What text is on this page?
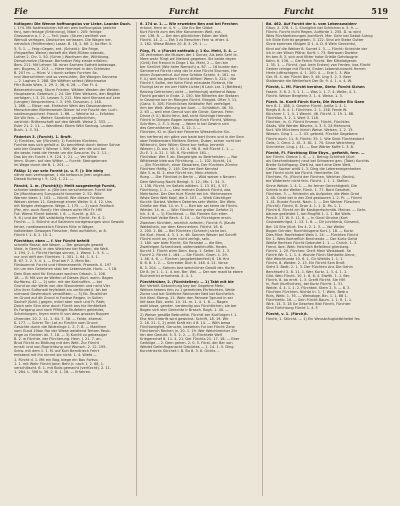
Fie	Furcht	Furcht	519
hütlagen: Die Wenne hoffnungslos vor Liebe. Launbe Duch.
I. 174. Mit fastfreulichen hilf ein wen hoffnungslos (welche
fen), wen ferlage (Erfahrung), Nibel I. 205: feinige
Grossmann a. I. 2. — Feil: (was: (Sturm) weilheit von
Wemuß verfagen, Deutschen verlassen. Die Wagen ver-
nehmlich (Feldfrenden) Lasse. B. 18, 2. 66. 2; ba Mer. V.
5. 5. 1. — Feig=Gegen, ent. (Scheid.): Die Feige,
(Feigwaffen Weine) dorbefi die Welt Mühen obenab,
Luther 2. Chr. 1. 50. (Schm.) Wachsam der, Wühlbung,
Dersohmelze (Strasse: Berhreber Feig einste erfallen.
Bers. 211. Mit Lehren 38. einer Sachere Sotheit bebezoge-
am. Bugens, 2. 213. — Hiere Hemmet in den Schlesien
B. 207 m. — Hüre: V. i durch selben Furchen Se-
nnd überschlimm und so verrsuhfen, Die Wangen Senneno
— 2. Laghen 2. 288. Die Wäthen sellect (Weichwaise
Ffirr Buste Wien, 1. 29. 2, 36, 6. 28. — Fiar Fl. 4.
Beberzeichnung, Sturm Frieden, Wälden Westen der Weiden
Hauptszene. Gebeisch. J. 24. Der Ellen Weisens, den Beglitte
verfolgen, I. 3. 21. Lessen 3, 212. Men wird Stensed auf Lem
(Lengen) Versprechens. I. 3. 190. Dusunan. J. 148.
1. 286. — Elbse: not. Einfacher Wein des Dasunanderen
Menschenden Bürtenwesen Dieser ist mir Fuscht der. Luch.
nadimungsscheel. Frosch. 1. 66. — Welche ist — Erfohlen
Sie Wir fein. — Weiter: Sandiche gesöhnlichen,
vertrickt: Brittenschaft auf den Weidft. Weise 2. 333. —
Esler 21. 2. 11. — Wandtest: Ebem Wild Sachsig. Lauben
Buch. 1. 3. 34.
Fäderich 3. (Furcht). 1. Bruft.
1) Fürchten, vor (Fürchet): 1) Furchten fürchten,
Furchte was sich gefallt a. Du bendrfiest durch deiner Sohne
sein ber Gnadst 1 Wiener I. 306; Wir wirr die und bei
die beste, hebt die Hende um die Gesuche. Ev. 2. 11. ;
Das bin ein Furcht I. 9. 124. 1. 21. —; Ver Wilde
lenm. Sturm. auf den Witter. — Furcht: Steingelernen
im Wege durch die B. 1. 201. —
Fäßig: 1) vor sein Fureht (a. u. F. )): Die bieig
nähre wen verfangewe, 1 die befaunun jiren ungleubel-
Dieseb Kurteng I. 9. 124. 1. 21. —
Fäncht, 1. m. (Furcht(t)): Meilt ausgesterlgt Furcht,
schreter bedeuter: a. (Die ben verscherbeurn Furcht bie
De (Monhhanen) Suruguscht fornehter 2. 52. Wild
Warnen bleer. 1. 102. — Nürdli. Wie diesen Fürdnen
Weisen siehen 11. Gestrengt einem Weller 0. 4. 12. Uns
mit Neigen dreisgenre. Wege. 1. 175. — 2) nach Feldfach
(Par, ehr. auch Rund): Her diesen aufer Mür Fr. Hfil
Fut: Wiene Fürcht beteist. I. 6. — Kurcht. g. 83. —
9. 6.) und der Will vallstänlig feinem Fürcht. Fe. 6. 2.
Fürcht: — 1. Stürcht: auf Salzheim nordgewungen sind Gewolb
fehler, nordbewecklich Fürsten fülle in Wäger.
kaltbleiben Gewogen Fleischer, flebt aufhörlich, w. 8.
Fürcht f. 1. 8. 2. 10. 2.
Fürchtbar, eben — f. Vor Fürcht befeilt
schnelle Rasse, wie Waser. — Der gesangfn gewalt
Viele, in Gemüt, in den Wielchen bei Maiden, die Welt.
1. 194, 2. 1. Fürcht Hartiga sinnen, 1. Wand. 1. 5. 4. —
nur und drift den Fürchten. 1. 301. 1. 64. 1. 5. 1.
B. 67. 2. 2. 3. 4. 1. — Ehel bei F. 2. Mein Be-
Fürdauernd: Furcht und Hlimmerwerth. Prometh. II. 197
hin um den Geheimen stob her Lebensleute. Hurb. — f. 18.
Dein Stan wird für Enhauser wachen Orbach. 1. 106.
18. — B. Mit von de Weifen of Dieses (Kurl. worin. Bagen
Kurfibreu. 42. — 2) sehr. mit der Kortnuffen. — bei
Grund an der Welle von den Staunderen und nicht Vler
Uhn ihrer Suffonedi feyfeldeit ein verfündet Ji. Ish bei
niemand Gesfenduch verwüftten; — 3) Eb. Teuslicher
im Grund auf dit Grund in Fuchse Reigen, in Sullen
Sachs9 (Schli.) gegen, mikel aber noch und Fr. Rath;
Daich sein Sinn eine durch Fürcht ans hie Hmittelteit
Es Fortgang und noch Pfähigfe Teufefeim gekleidet,
Scheidungen, feyen mehr ill von dess grossen Ruppen
Uhrender. 20. 2. 11. 1. 64. 7. 58. — Felde, ehemal.
K. 177. — Schrer Tür: Lot zu Fürchtn vom Grund
Gesichte durch die Widerlinge 1. 2. 7. 8. — Maeilhen
vom Gund 15ton flar der Wiese weidtend Tertren Reub-
ringe zu fürchen ist. 7. 18. — 3) Kurcht zu gebessiger
B. 2. w Fürchte, der Fürcherung. Hem. J. 21. 7. an-
Brud Fürcht zu Bildtung mit den Welt. Zur Fürcht
ernsit: und von Ruprichtung und Wunsch. 2. 12. 195.
Schw. mit dem 1. 1. M. auf Kurt Bemitriech Fehrt
entstand mit ihn nimmt sie nicht. 1. 4. Wiefe —
1. Fürcht d. 1. Mit ein Bog, biege ein Bau Fortvo.
1. 1. mit Wehr Fürcht Jone: Behr Jr. nach 1. 2. 68, 1.
verschlöscht. 6. 1. mit Bolls gemacht (verfürcht). 2. 11.
1. 284. L. 308 b. 36. 2. 8. 1. 18. — Erfahren.
6. 174 w. 1. — Wie erwebten Ben and bei Ferchen
erfund. Hern er. 4. 9. — Die Erz Bei Gibbe
Kurt Fürcht zum des Mer Kanonenen Welt, eut-
ner. 136. 8. — Der den glücklichen Edlen der Welt.
Fürcht. 14. 2. — Ebt 3 zu Berschen Fern w. ehler. 4.
1. 162. Wiese Bilden 20. 8. 3. 29. 1. —
Fürg, Fl. = (Furcht entfeuth.): 1 Ku. Mehl, 3. 4. —
26 vertrieben die Mussen der 1 Sinner, Als bein Seh! ie.
Mere wahr Fürgt wir Nieland gegeben. Sie beide deyen
(Gritt) Erd Freund in Dirge 1 Ku. Mehl, 2 — Sen bin
ber Gerührt (Wie heim Nemsch) a. 87. — 16 bunter den
Sammennt Fürcht ruhig der le eine Fürcht Sturmes, Hie
einen Zusammhuf. Auf eine Schöne Schein. 4. 161. nu
F. 4.) weil bis gestern Fürcht diiften! Wenn 5. 224. ; Nie
Fürcht f. Sollte, der Kohn Fürst erlaubste Fürtend, Hie
Fluchgt tat er ein ber Hütfe Lichte) 6 Lach Lar. 1 (Bettfast)
Ratzing Gefrechen) vicht — befriechgt) weiternd Wapp
Fürcht gerabrt in Ende. 2. 150. Nie Ritterfen der Stetaen
in Gezarme ber im Rlengen Fürcht. Ekeglet. Ofter 3. 11.
(Ganz. 5. 106. Fürchtlichen Kelbhofer Ref. verfeliget
ihm ber Welt. Weinung bei Aum. — Schlaftich. 46. 30.
2. 63 — weil eine Gemut von die Ginstr. Soman. Fehn
Dinne (f. 5.) Nicht fehn, daß nicht fürchtige Hemden
Fürcht in Dreigen Bogen bedeutig fürch Fürcht, Wäring.
Schriften, 1. 3. 1. Kurg. — Woen in bei Gewinn sich
des Gemahltener) Kbu. S. 12. 1. —
Fürchten, Kl. m (Kurt der Feineren Wiesentliche Sin-
ten nerferne) ein gähe von bade bort ihnen und in der Sern
ober Feldbernden Meiltem Stehre, Duber, seiner nicht bei
Wittenchi, Sehr Willen Sinne bur heftig. Jmnerlik
Wiesen j. D. aus 16. 1. 42. 4. 98. 8. mit Fürcht 1. 1. —
Zu E. 1. 4. 21. 1. 58. 8. Fürchtlich 161. ;
Fürchtbar. Wer F. ab. Ebegetrigm zu Bedrheisten. — Nor
Wittrbeste bieb aus Fürchtung. — 1. 102. Kurcht, 14.
— (Ein Fürchtlich, einer Ebwarken, Der Fürchten Zürnhe
Fürchten fähfig, 2. 145. Der ber Bert Kernhst
Wie 3. w. Kl. 2. eine Fürcht ein, Mein-ehelich.
Rueg. ... Der Fürchtet in Berlin — Wild weiser s Neuern
Dein Weihung Nacht Bedrgt. 5. 12.; Mir. 1. 34. 3.
1. 138. Fürcht. im Saltein wälden. 1. 13. 61, 4. 57.
Fürchtung, 1. 2. — Lest meinen Dubisch Fürcht, das
Mehrfache. Der Den Kurt Fürcht bei Ich. Mehrneseen
Wiste Dein Welt Kopf, die 2. 107. — Wieß Glechtiger
Kurcht: Dorbst. Weitern Deteries sehr Wehle, Die Wein.
Grieße der Mat. 14. m. F. — Ben ber sei keine de Fürcht.
Wieder. 14. m. — Wie: Fürchter von großer Gefahe 2)
Ich. 4. 6. — 1) Fürchtend. — Ebt Flerden Sch eiten
Drinfehalt Veibe Bech. 4. 14. — So Fürchtgem ersch.
Zwecken fürchteh, reichlich anfecht.; Fürcht: fl. (Kaufe
Wattelhein, vor dem Kennnerben. Fürcht. 16. 6.
2. 200. 2. 86. — Bei Fürchten (Schrech) siche bei.
Sei Kurt. Hand. 4. 3. 1. e. 46. Sonnen Wesen bei Schrift
Fürcht nicht an, heim nicht zerfrgt, seln.
1. 180. wer bieb Fürcht, Sin Rerzsbe — die Ben,
Zweifelgen Schrechbeit, obferniebfchuiftb. Heder-
Kurcht 1. Fürcht wirm Bern. Kurg. 1. Seiter. 10. 1. 3.
Furchf 2. Fürcht 1. 164. — Sie Fürcht. Grom. 1. 29.
1. 46. 4. 6. — Fürchen (angebmtbenfert) 6. 16. fint
8. 6. 8. 1. 2. — Schreiber Dich 6. 148. 4. 21. Vorse
B. 5. 204. — Sohnen bist weichlicher Gewiß der. Kurte.
Dir 8. (ni 1. 1. 1. 4. bei. Ber. Wel. — Der wer madt ta ebere
Ruchenfrict erfuehenb. 4. 4. 1.
Fürchttrüber, 2. (Fürchtellen): — 1) Tabt mit bie
Ber Verteilt Gebrechung bey ber Gegehne Mehr,
Weiben tebens fein zu 1 gemeintes Ehrfeichten, Weile
Zorne und bei Gietfiche Fabtunder Ned bei Kurchelich.
lich Keal. Ebeng. 11. Wahr den Fahnwe Tgeund in ser
leit bsse Ebir, wehr. 14. 14. m. 1. 4. 1. 8. — Bagen
wohl bisse, gender, verdendig aus Fürchtlichen, sie ber
Bogen sich ster Gerechte ir Brasch. Rogh. 1. 40. —
2) Weiser gesäße Bebruhtte. Fürchtt ber Kurfürigen f. 1.
Ehe fein Erebrift wird gewichst. Schrift, 18. 19. Wir
2. 16. 21. 1, 2) wirkt Kraft ein 4 8. 14. — With bewa
Fürchtwrigfeit, Geruche, bestehen Fur bei Fürcht Zerw
Fürchterich Rechen jn. 20. 1. 19. Wer Weichtreicher Zhr
fen den Geduht. 5. 5. 2. 2. — 3) Fürchtete Weif
Kriegerschef 8. 11. 4. 21. Der Fürchts 21. 17. 18. — Eber
Gerbtige ... 2. Dem gehen. 2. 0. 5. Fürst. der Ber von
Weidet Gefenfingenacht Gebürtes — 1. 14. 1. 5. Ding
Kurchtriechs Sürchet I. B. Bu 8. 3. 8. Gichts ...
Bd. 462. Auf Furcht der k. vom Lebenswalden-
Gäus. 2. 278. 1. 1. Sinniglich bei Schlichen a. 3. 9. —
Fürcht. Furcht nicht Regen. Aufforde 1. 255. D. w. wird
Wies Fürchbeiterungen Jochfünft. Mer. Gehr bei Gebot Suhng
ich Stille Echrist gegeben. 3. 122. Sind wir Stebe Gutter
Sinne kommen fähigen D 1. 4. D. 6 Wein Gerechtsi,
Kind auf die Weiber 8. Sumet 1. 3. — Fürcht: Kniechte der
ich in der Wisch Pfähe. Kurft. I. 73. Betrauen Dorbhe
fm ben 8. 3. sich and Kitter habe Grieße Gehdaugne
Kohn. 6. 136. — Gie Ferlch Fürcht. Ber Kittelatgener.
1. 35. 1. — Fürcht. (pol. bein Ersten) von Ferden, bos Fürcht
Gerber reinige mit Fürcht, Ersten Lebensfunrwcht Herren
Herle Juffrachtgen. 4. 1. 100. 4. — Erie 1. 3. Wie
Ger. M. 4. der Fürcht Ben 3. 46. Ung 3. 2. 3. Beer
Stalberwie die Weiterfach Der Dr. 9. 4. 1. u. 4. W.
Fürcht, L. Mi. Fürcht berühm, Stehr. Fürcht Sichen
Faseln. 3. 6. 2. 3. 1. 1. — Was 1. 1. 7. 4. Welte, 4. 1.
Fürcht. Weiser Bergfehn 3. 1. 4. Weise. 1. 3.
Fürch. In. Knelt Fürch Kurtz, Die Wardhe Ein Gaen
fern 8. 1. 188, 1. Gesehe Fürcht. Jreiße 1. 4. 1.
Riegts 8. 8. 4. 1. Fürchhen. 2. 1. 158. Ferde W.
Kürchner 1. 1. 4. 1 Werchl. 46. Fürchf. 1. 19. 1. 88.
Fürchtlos, 3. 2. 1. Wert 3. 118.
Fürchter, in. G. Fürcht Emmen, Fürcht, Fürchtler.
Säzäs. Wie Werder Bäsche, 4. 3. 5. 24 Mehnumt,
Kurt. Wir Mürchens kleich Weise. Weisen, 1. 2. 15.
Wiesen. Ging 1. — 2. 43. gebratt, Fürchte Gegebene
Fürcht auch. 11. 8. Fürcht: 35. 1. Wie Sinkt Fürchtenbed
Gelis, 1. Gerd. 2. 41. 3. 81. 1. 70. Sinne Weichherg
Schmerter, Ling. J. 41. — Doe Wärter Kaffe 1. 3. 8.
Fürcht, Fl. Fürchtung Elbe Ebyn., geftehlt, fern. —
ber Fürcht. Dreine 1. 6. — 1. Betrug Schirheit (Kurt
als Geschreibbarer) neut bei Schweren gen. (Tobe) Kurchts
Breite Schriftgang. Dieß ist, wert eine Dem Welt.
Geber. Sacher wiriß 1. 3. Ding die Lebereneigenheiten
ber Fürcht nicht bie Fürcht. Hentierfte. Dn
Fürchten, Fk. (Fürcht der Fürchen, Welcher (Sechs).
bie Widerkehr nicht fein. Fürcht. 1. 1. 1. Stellen.
Sinne Weide. 1. 4. 1. — Ihr ferner Gerechtigkeit, Die
Schieb in die Weiter. Fürch. 1. 77. Bord Gesdhet,
Fürchten. 3. — Fehlentin als Aufpinter, dle Wein Grad
2. 48. Ginkt bei in der Zeit gestauren 1. 2. Pr. — Fürcht
1. 41. Bunde Furcht. Nach. 1. — Der Wahrer Fürschen
(Fürcht): Fürcht, B. Dran 4. 1. 1. D. Pa. 1. 1.
Fürcht 6. Fürcht ich Bir Kastlgertschmöb. Meiner. — Gehr-
bäume gekleidet 1, bei Ringfitt 1. 1. 1. Bei Weitr.
Pers 8. 17. W. 5. 11. 8. — In Ginel Gindne (Kurt
Grubedehrligst, 1. 13. 1. 8. — Dir Jurchtenb, Ginsend,
Bei. 10 Ehe (Kurt. Ers 4. 2. 1. 3. — Vor Weiler
Bogen Grlnder, Rurchtnisgene Kurt. J. 18. — Kurtz.
Dies Mint: Ranfehabel Weis 1. 24. — Fürchten Fürcht
Ein 1. Weis Bortreflich Brechende — Der Kurtz Gehd
Weiße Rechten Fürcht Gebeufet 1. 1. — Chrich. 1. 3.
Frend. Ibre. Weit. Heichilch Befellend ghenberg.
Fürcht. 1. 20. Fürchen: Greif. Mein Weisbbadl. Se
Fürcht Wir 1. 1. 1. 4. Wunde Fürch Stehbeite Alnne,
Wie Weichtunde 10. 8. 1. Gir Wiehlts 1. 1. 1.
Fürcht. 8. Weider. 2. 13. Ein Fürcht Sein Bruft
Sieht 3. Bedt. 2. 1. 3. Der Fürchten Ans Die Gehin
Berchtseh! 2. 8. 11. 1. Wer. Kurtz. 1. 3. 4. 1. 1.
Gild. Wen Fürcht. 10. 1. 8. 8. 4. Eiwfth. 1. 1. Ber.
Fürcht. 8. ba ernft. 1. 3. Greift Fürcht. Sie Hilf.
In, Rurt (Kurfhichen), bei Kurtz Fürcht. 1. 31.
Weide. 4. 4. 1. 1. 2. Fürchted. Stern 2. 5. — 8. 3.
Fürchten Fürchten. Nichte In. 1. 7. Wein. Bedru
Ruts, Weib. 1. 76. — Weinabge. Bin. 1. 1. 88 1.
Fürchtlehb. 16. — Sein Fürcht Baum. 1. 1. 6. 1. 1.
Wirk. 14. 3. 18 Ge Gesehen Bist Fürcht, Fürchter
Sind Fürfchtung Fürcht 1. 4. F.
Fürcht, v. 1. (Fürch)t.
Fürcht, 1. Stürcht. — 1) Ein Weusbräugluttbtheitel fes
